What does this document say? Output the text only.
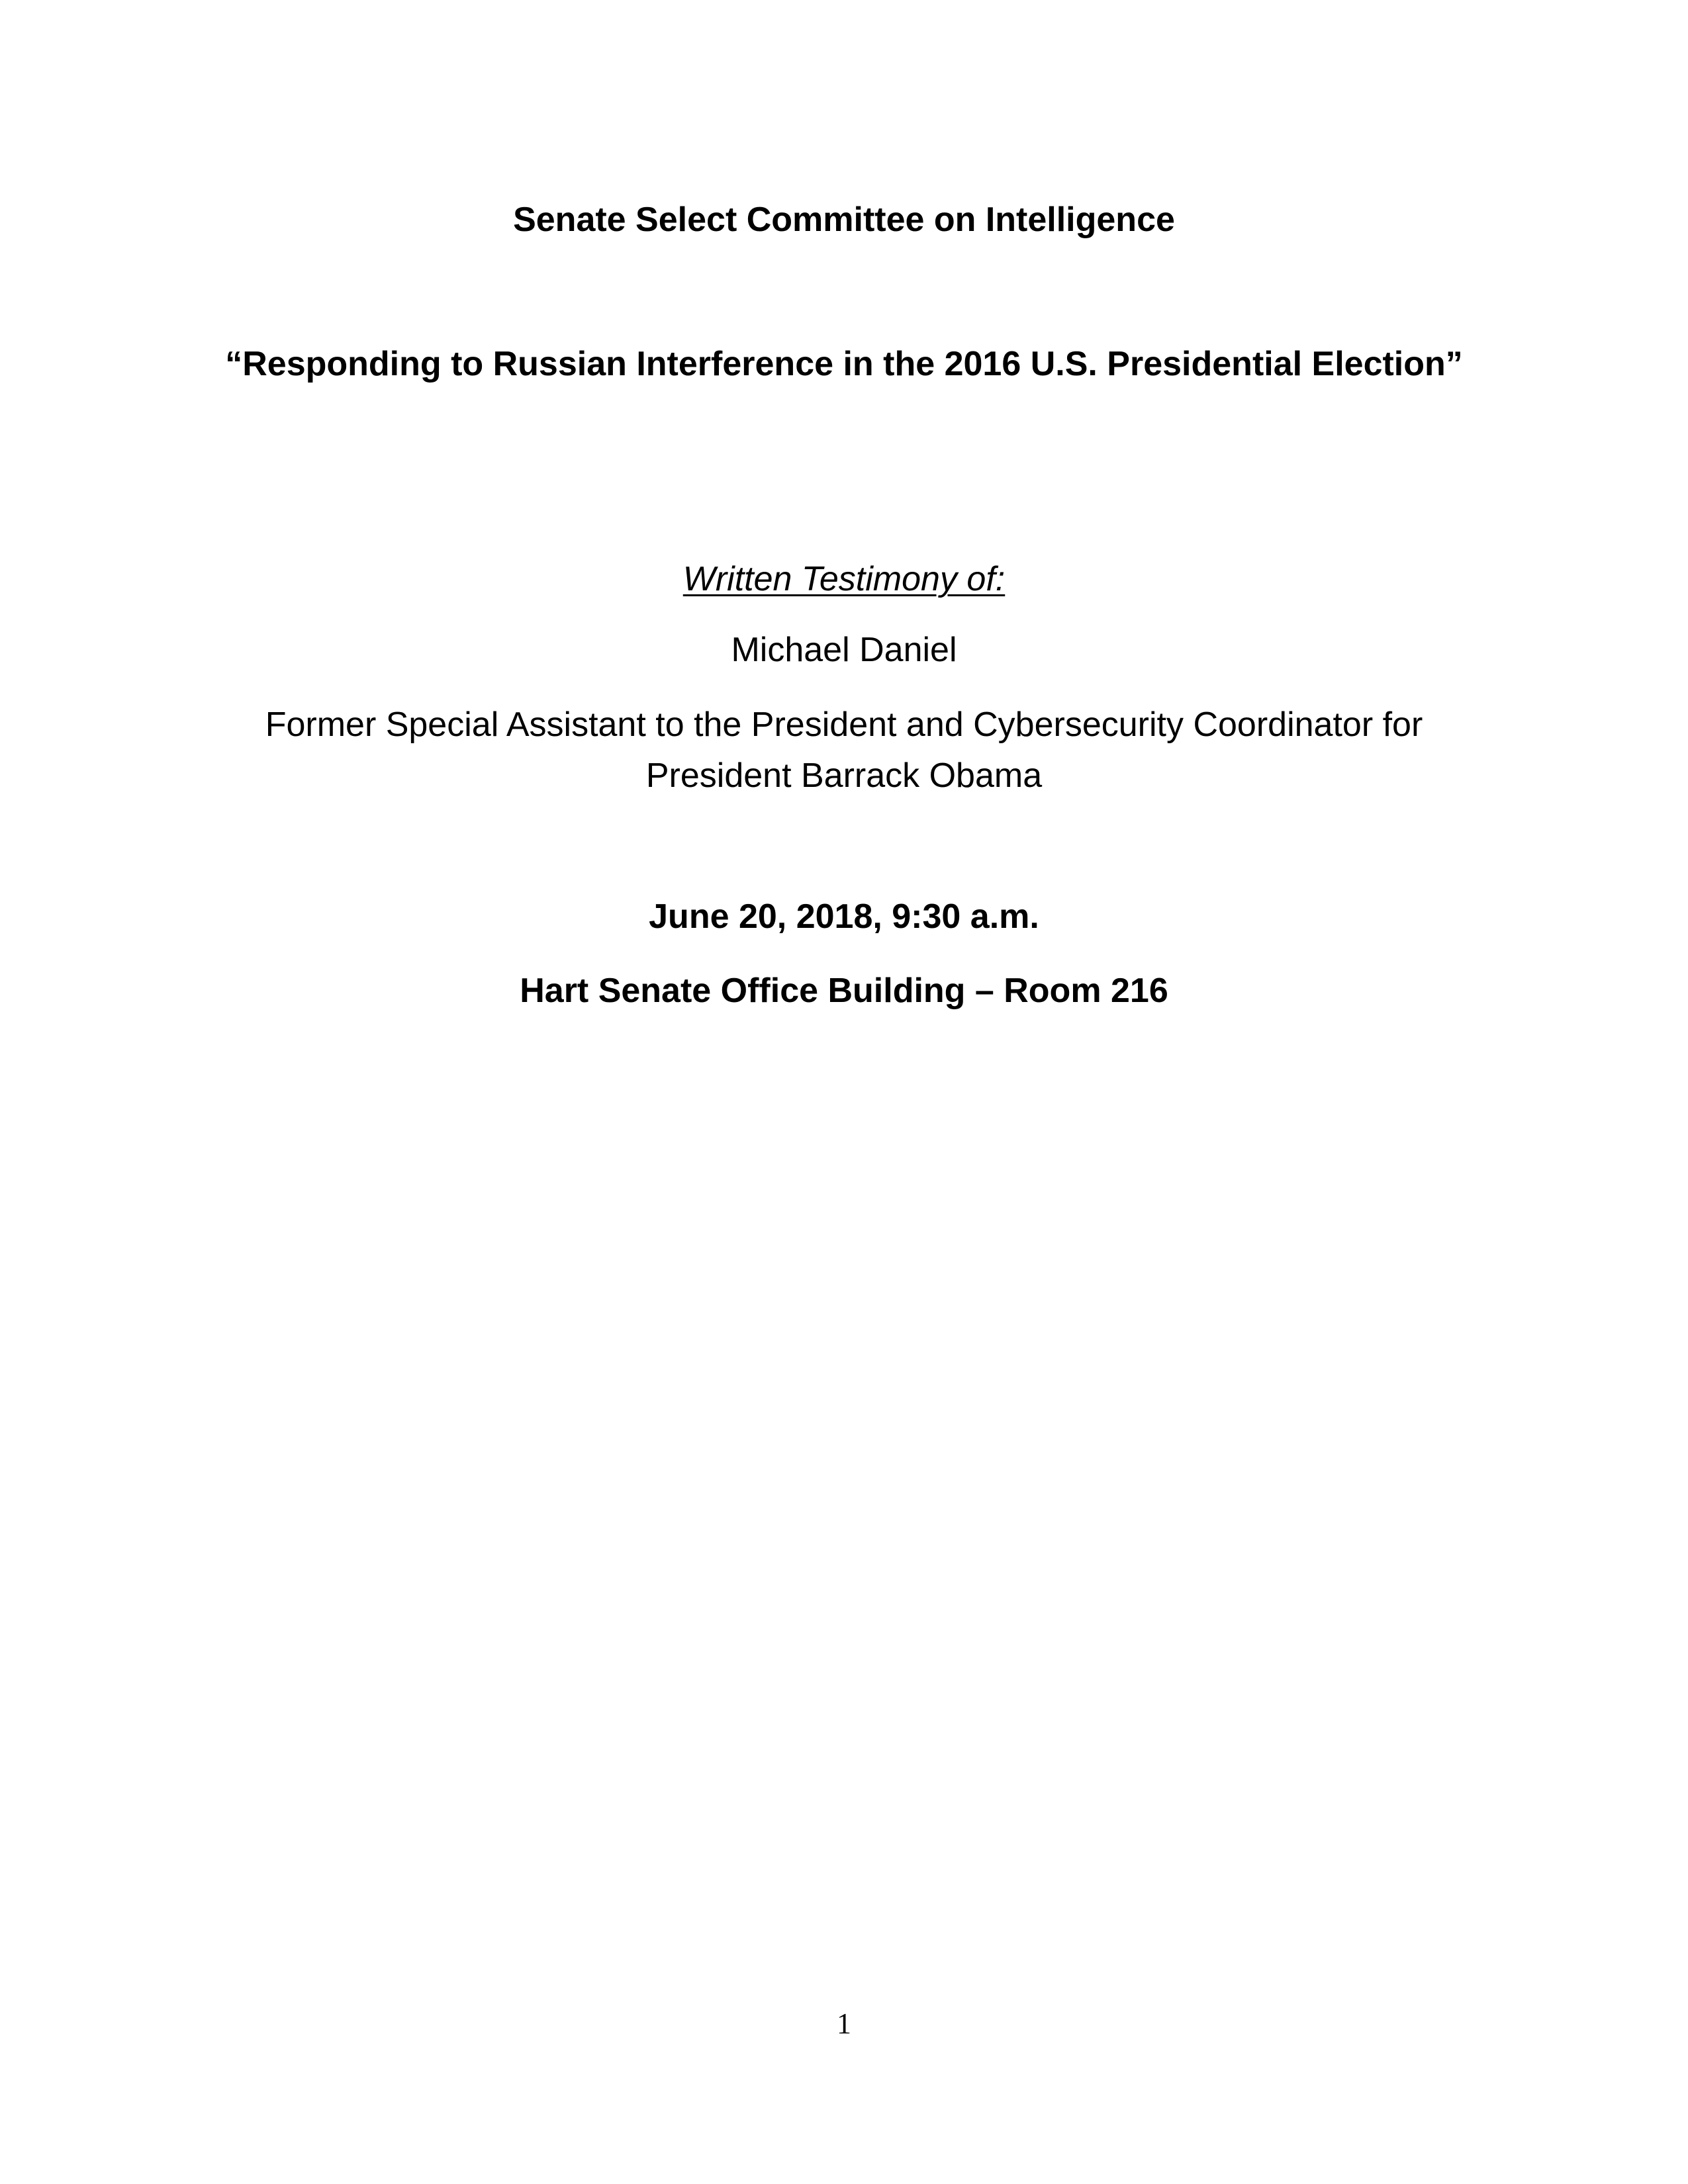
Senate Select Committee on Intelligence
“Responding to Russian Interference in the 2016 U.S. Presidential Election”
Written Testimony of:
Michael Daniel
Former Special Assistant to the President and Cybersecurity Coordinator for
President Barrack Obama
June 20, 2018, 9:30 a.m.
Hart Senate Office Building – Room 216
1
